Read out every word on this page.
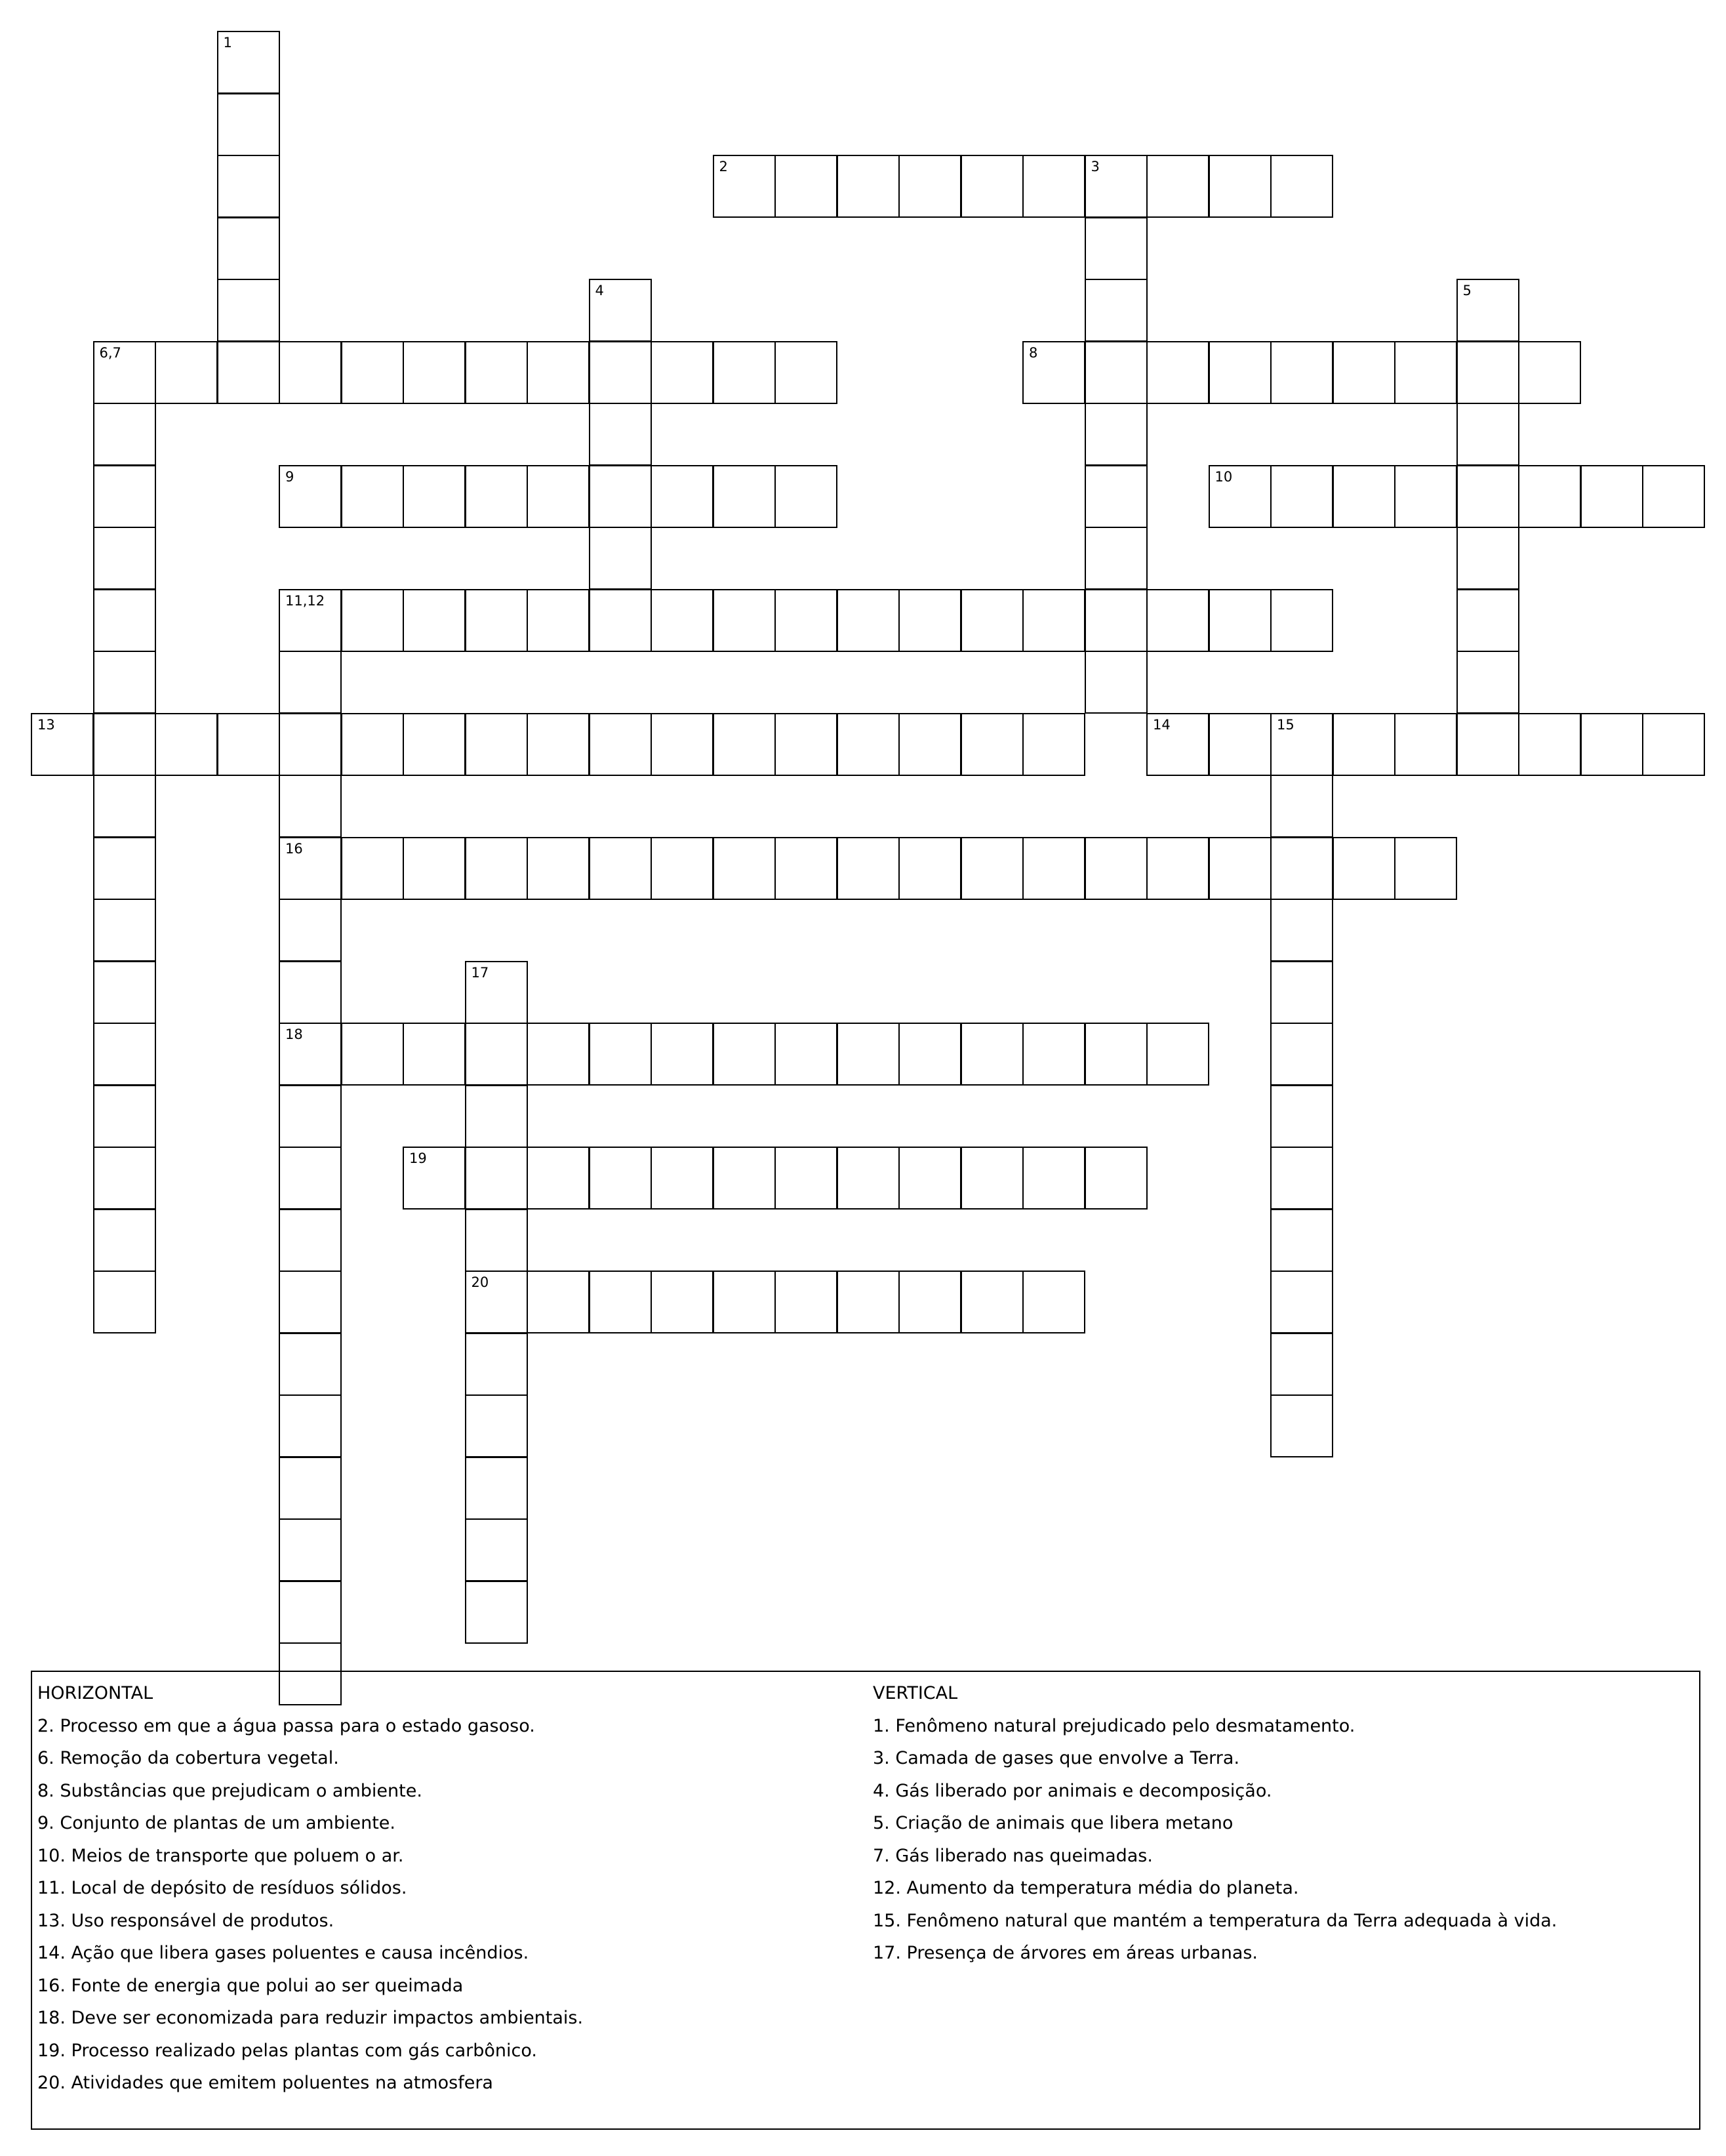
1
2	3
4	5
6,7	8
9	10
11,12
16
18
13	14	15
17
20
19
HORIZONTAL
2. Processo em que a água passa para o estado gasoso.
6. Remoção da cobertura vegetal.
8. Substâncias que prejudicam o ambiente.
9. Conjunto de plantas de um ambiente.
10. Meios de transporte que poluem o ar.
11. Local de depósito de resíduos sólidos.
13. Uso responsável de produtos.
14. Ação que libera gases poluentes e causa incêndios.
16. Fonte de energia que polui ao ser queimada
18. Deve ser economizada para reduzir impactos ambientais.
19. Processo realizado pelas plantas com gás carbônico.
20. Atividades que emitem poluentes na atmosfera
VERTICAL
1. Fenômeno natural prejudicado pelo desmatamento.
3. Camada de gases que envolve a Terra.
4. Gás liberado por animais e decomposição.
5. Criação de animais que libera metano
7. Gás liberado nas queimadas.
12. Aumento da temperatura média do planeta.
15. Fenômeno natural que mantém a temperatura da Terra adequada à vida.
17. Presença de árvores em áreas urbanas.
